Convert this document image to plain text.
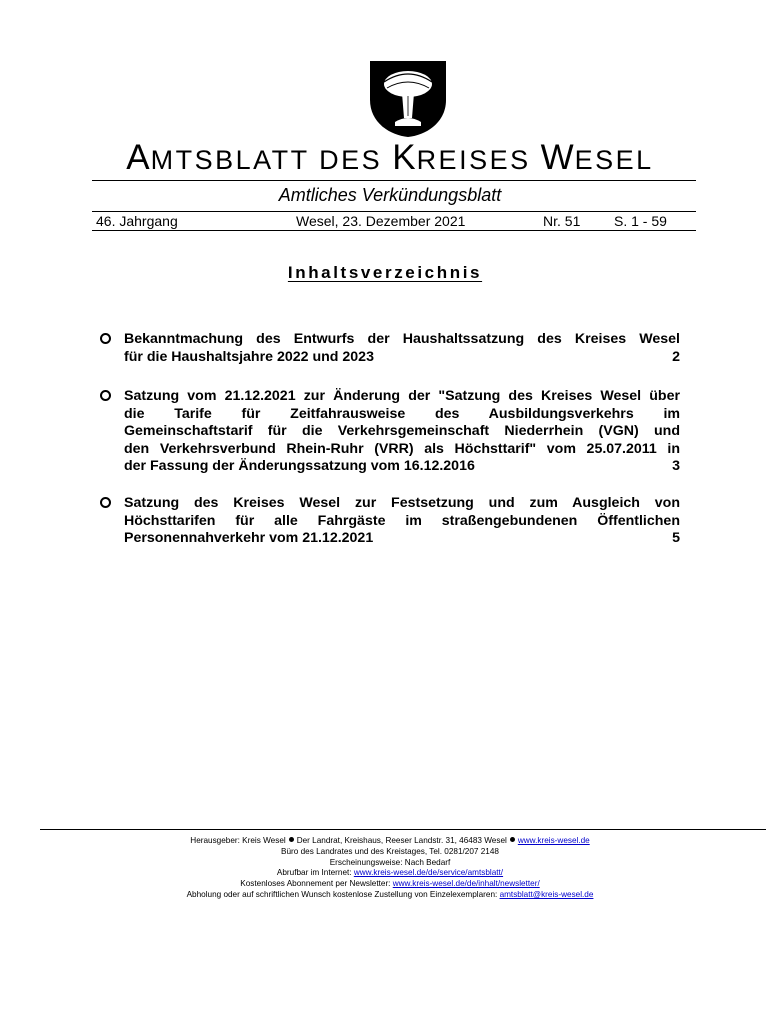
AMTSBLATT DES KREISES WESEL
Amtliches Verkündungsblatt
46. Jahrgang	Wesel, 23. Dezember 2021	Nr. 51 S. 1 - 59
Inhaltsverzeichnis
Bekanntmachung des Entwurfs der Haushaltssatzung des Kreises Wesel
für die Haushaltsjahre 2022 und 2023	2
Satzung vom 21.12.2021 zur Änderung der "Satzung des Kreises Wesel über
die Tarife für Zeitfahrausweise des Ausbildungsverkehrs im
Gemeinschaftstarif für die Verkehrsgemeinschaft Niederrhein (VGN) und
den Verkehrsverbund Rhein-Ruhr (VRR) als Höchsttarif" vom 25.07.2011 in
der Fassung der Änderungssatzung vom 16.12.2016	3
Satzung des Kreises Wesel zur Festsetzung und zum Ausgleich von
Höchsttarifen für alle Fahrgäste im straßengebundenen Öffentlichen
Personennahverkehr vom 21.12.2021	5
Herausgeber: Kreis Wesel Der Landrat, Kreishaus, Reeser Landstr. 31, 46483 Wesel www.kreis-wesel.de
Büro des Landrates und des Kreistages, Tel. 0281/207 2148
Erscheinungsweise: Nach Bedarf
Abrufbar im Internet: www.kreis-wesel.de/de/service/amtsblatt/
Kostenloses Abonnement per Newsletter: www.kreis-wesel.de/de/inhalt/newsletter/
Abholung oder auf schriftlichen Wunsch kostenlose Zustellung von Einzelexemplaren: amtsblatt@kreis-wesel.de
